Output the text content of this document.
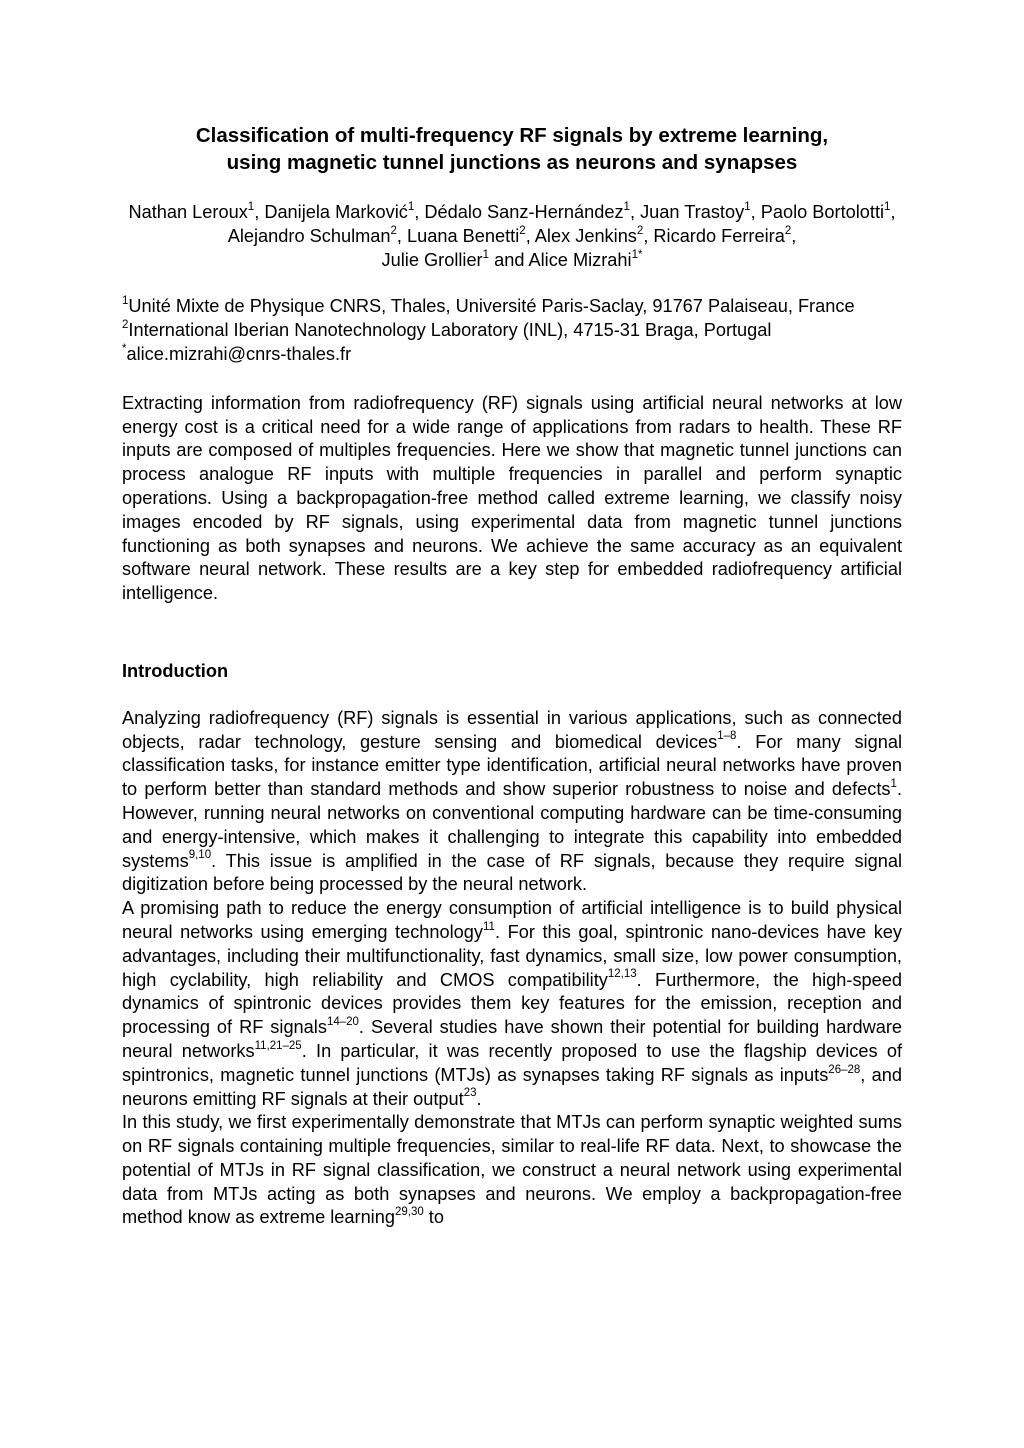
Classification of multi-frequency RF signals by extreme learning,
using magnetic tunnel junctions as neurons and synapses
Nathan Leroux$^1$, Danijela Marković$^1$, Dédalo Sanz-Hernández$^1$, Juan Trastoy$^1$, Paolo Bortolotti$^1$, Alejandro Schulman$^2$, Luana Benetti$^2$, Alex Jenkins$^2$, Ricardo Ferreira$^2$,
Julie Grollier$^1$ and Alice Mizrahi$^{1*}$

$^1$Unité Mixte de Physique CNRS, Thales, Université Paris-Saclay, 91767 Palaiseau, France

$^2$International Iberian Nanotechnology Laboratory (INL), 4715-31 Braga, Portugal

*alice.mizrahi@cnrs-thales.fr

Extracting information from radiofrequency (RF) signals using artificial neural networks at low energy cost is a critical need for a wide range of applications from radars to health. These RF inputs are composed of multiples frequencies. Here we show that magnetic tunnel junctions can process analogue RF inputs with multiple frequencies in parallel and perform synaptic operations. Using a backpropagation-free method called extreme learning, we classify noisy images encoded by RF signals, using experimental data from magnetic tunnel junctions functioning as both synapses and neurons. We achieve the same accuracy as an equivalent software neural network. These results are a key step for embedded radiofrequency artificial intelligence.

Introduction

Analyzing radiofrequency (RF) signals is essential in various applications, such as connected objects, radar technology, gesture sensing and biomedical devices$^{1-8}$. For many signal classification tasks, for instance emitter type identification, artificial neural networks have proven to perform better than standard methods and show superior robustness to noise and defects$^1$. However, running neural networks on conventional computing hardware can be time-consuming and energy-intensive, which makes it challenging to integrate this capability into embedded systems$^{9,10}$. This issue is amplified in the case of RF signals, because they require signal digitization before being processed by the neural network.

A promising path to reduce the energy consumption of artificial intelligence is to build physical neural networks using emerging technology$^{11}$. For this goal, spintronic nano-devices have key advantages, including their multifunctionality, fast dynamics, small size, low power consumption, high cyclability, high reliability and CMOS compatibility$^{12,13}$. Furthermore, the high-speed dynamics of spintronic devices provides them key features for the emission, reception and processing of RF signals$^{14-20}$. Several studies have shown their potential for building hardware neural networks$^{11,21-25}$. In particular, it was recently proposed to use the flagship devices of spintronics, magnetic tunnel junctions (MTJs) as synapses taking RF signals as inputs$^{26-28}$, and neurons emitting RF signals at their output$^{23}$.

In this study, we first experimentally demonstrate that MTJs can perform synaptic weighted sums on RF signals containing multiple frequencies, similar to real-life RF data. Next, to showcase the potential of MTJs in RF signal classification, we construct a neural network using experimental data from MTJs acting as both synapses and neurons. We employ a backpropagation-free method know as extreme learning$^{29,30}$ to
